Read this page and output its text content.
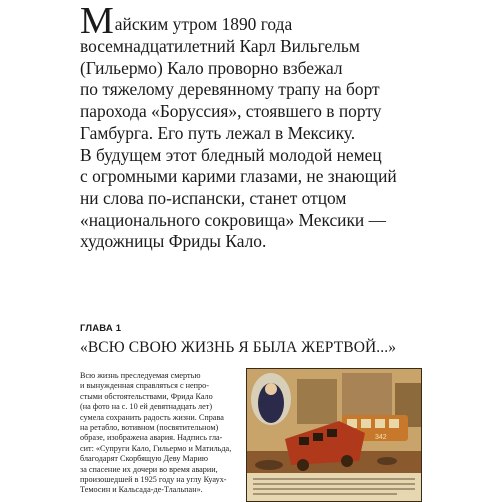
Майским утром 1890 года
восемнадцатилетний Карл Вильгельм
(Гильермо) Кало проворно взбежал
по тяжелому деревянному трапу на борт
парохода «Боруссия», стоявшего в порту
Гамбурга. Его путь лежал в Мексику.
В будущем этот бледный молодой немец
с огромными карими глазами, не знающий
ни слова по-испански, станет отцом
«национального сокровища» Мексики —
художницы Фриды Кало.
ГЛАВА 1
«ВСЮ СВОЮ ЖИЗНЬ Я БЫЛА ЖЕРТВОЙ...»
Всю жизнь преследуемая смертью
и вынужденная справляться с непро-
стыми обстоятельствами, Фрида Кало
(на фото на с. 10 ей девятнадцать лет)
сумела сохранить радость жизни. Справа
на ретабло, вотивном (посвятительном)
образе, изображена авария. Надпись гла-
сит: «Супруги Кало, Гильермо и Матильда,
благодарят Скорбящую Деву Марию
за спасение их дочери во время аварии,
произошедшей в 1925 году на углу Куаух-
Темосин и Кальсада-де-Тлальпан».
342
